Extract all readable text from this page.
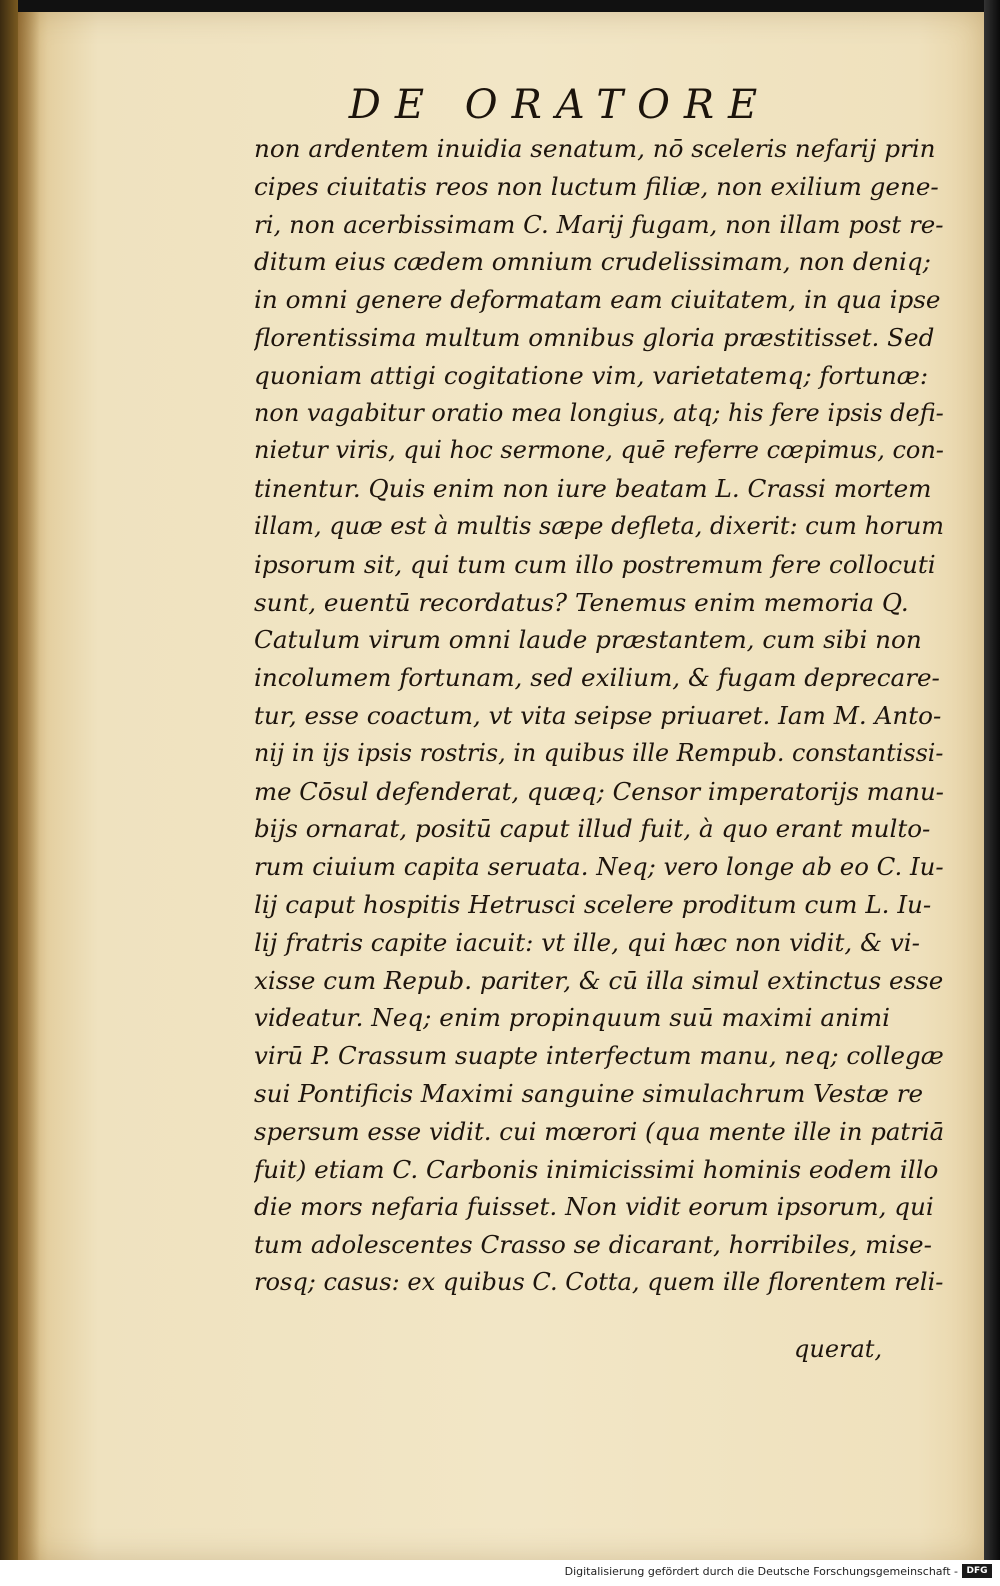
DE ORATORE
non ardentem inuidia senatum, nō sceleris nefarij prin
cipes ciuitatis reos non luctum filiæ, non exilium gene-
ri, non acerbissimam C. Marij fugam, non illam post re-
ditum eius cædem omnium crudelissimam, non deniq;
in omni genere deformatam eam ciuitatem, in qua ipse
florentissima multum omnibus gloria præstitisset. Sed
quoniam attigi cogitatione vim, varietatemq; fortunæ:
non vagabitur oratio mea longius, atq; his fere ipsis defi-
nietur viris, qui hoc sermone, quē referre cœpimus, con-
tinentur. Quis enim non iure beatam L. Crassi mortem
illam, quæ est à multis sæpe defleta, dixerit: cum horum
ipsorum sit, qui tum cum illo postremum fere collocuti
sunt, euentū recordatus? Tenemus enim memoria Q.
Catulum virum omni laude præstantem, cum sibi non
incolumem fortunam, sed exilium, & fugam deprecare-
tur, esse coactum, vt vita seipse priuaret. Iam M. Anto-
nij in ijs ipsis rostris, in quibus ille Rempub. constantissi-
me Cōsul defenderat, quæq; Censor imperatorijs manu-
bijs ornarat, positū caput illud fuit, à quo erant multo-
rum ciuium capita seruata. Neq; vero longe ab eo C. Iu-
lij caput hospitis Hetrusci scelere proditum cum L. Iu-
lij fratris capite iacuit: vt ille, qui hæc non vidit, & vi-
xisse cum Repub. pariter, & cū illa simul extinctus esse
videatur. Neq; enim propinquum suū maximi animi
virū P. Crassum suapte interfectum manu, neq; collegæ
sui Pontificis Maximi sanguine simulachrum Vestæ re
spersum esse vidit. cui mœrori (qua mente ille in patriā
fuit) etiam C. Carbonis inimicissimi hominis eodem illo
die mors nefaria fuisset. Non vidit eorum ipsorum, qui
tum adolescentes Crasso se dicarant, horribiles, mise-
rosq; casus: ex quibus C. Cotta, quem ille florentem reli-
querat,
Digitalisierung gefördert durch die Deutsche Forschungsgemeinschaft - DFG
